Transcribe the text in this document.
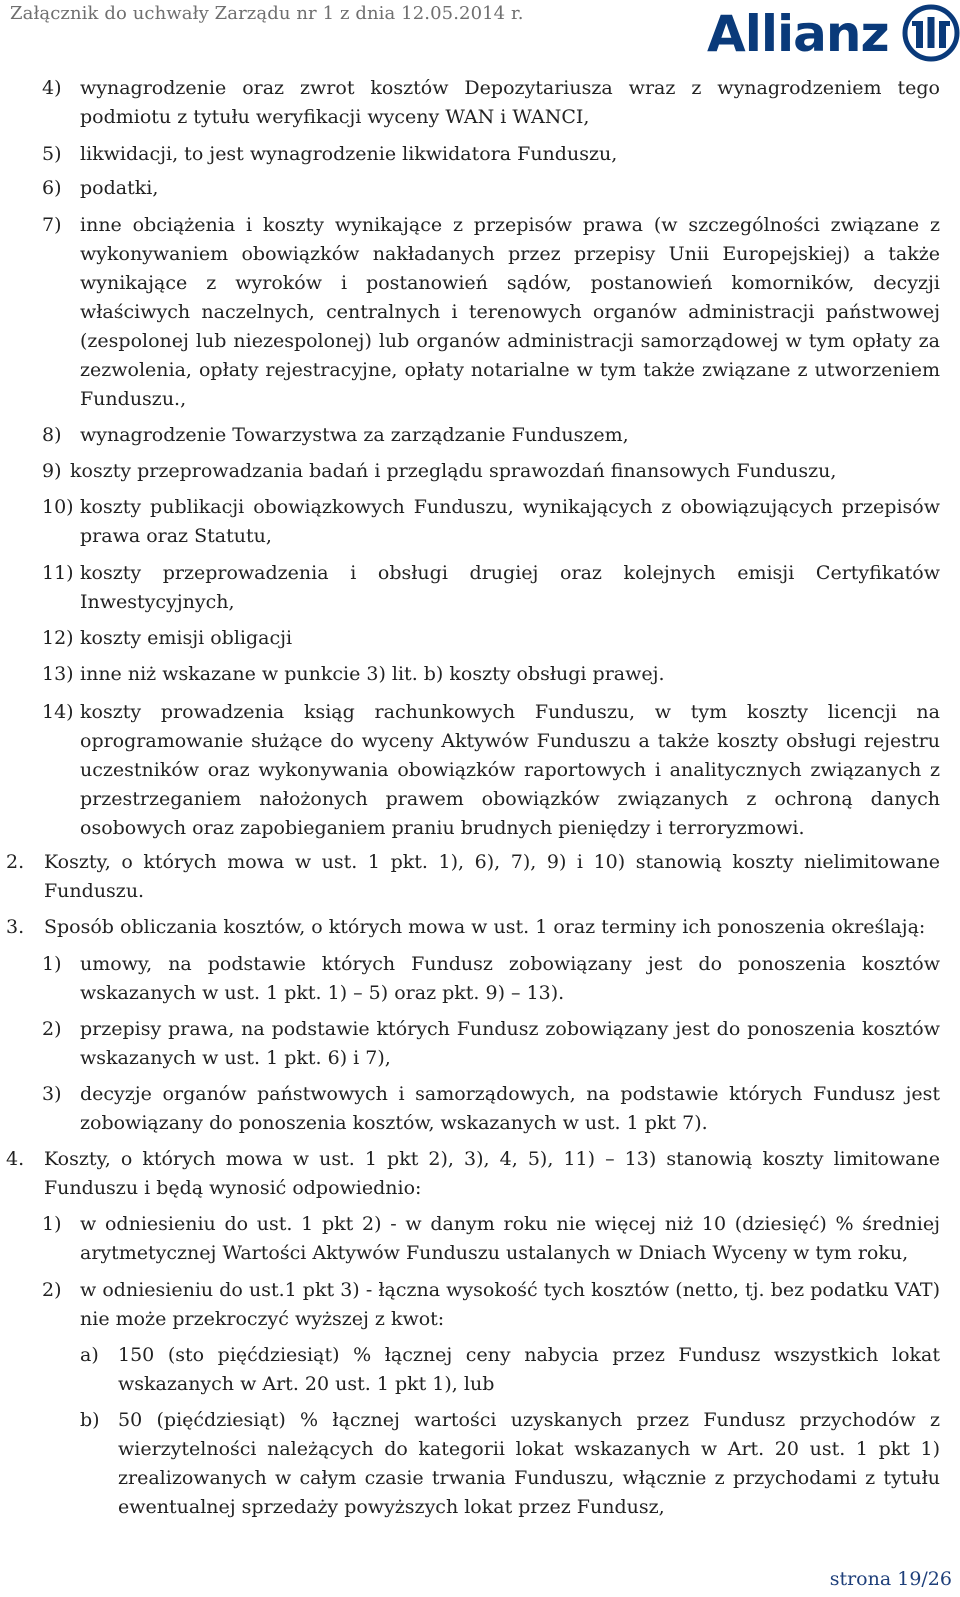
Załącznik do uchwały Zarządu nr 1 z dnia 12.05.2014 r.	Allianz
4) wynagrodzenie oraz zwrot kosztów Depozytariusza wraz z wynagrodzeniem tego podmiotu z tytułu weryfikacji wyceny WAN i WANCI,
5) likwidacji, to jest wynagrodzenie likwidatora Funduszu,
6) podatki,
7) inne obciążenia i koszty wynikające z przepisów prawa (w szczególności związane z wykonywaniem obowiązków nakładanych przez przepisy Unii Europejskiej) a także wynikające z wyroków i postanowień sądów, postanowień komorników, decyzji właściwych naczelnych, centralnych i terenowych organów administracji państwowej (zespolonej lub niezespolonej) lub organów administracji samorządowej w tym opłaty za zezwolenia, opłaty rejestracyjne, opłaty notarialne w tym także związane z utworzeniem Funduszu.,
8) wynagrodzenie Towarzystwa za zarządzanie Funduszem,
9) koszty przeprowadzania badań i przeglądu sprawozdań finansowych Funduszu,
10) koszty publikacji obowiązkowych Funduszu, wynikających z obowiązujących przepisów prawa oraz Statutu,
11) koszty przeprowadzenia i obsługi drugiej oraz kolejnych emisji Certyfikatów Inwestycyjnych,
12) koszty emisji obligacji
13) inne niż wskazane w punkcie 3) lit. b) koszty obsługi prawej.
14) koszty prowadzenia ksiąg rachunkowych Funduszu, w tym koszty licencji na oprogramowanie służące do wyceny Aktywów Funduszu a także koszty obsługi rejestru uczestników oraz wykonywania obowiązków raportowych i analitycznych związanych z przestrzeganiem nałożonych prawem obowiązków związanych z ochroną danych osobowych oraz zapobieganiem praniu brudnych pieniędzy i terroryzmowi.
2. Koszty, o których mowa w ust. 1 pkt. 1), 6), 7), 9) i 10) stanowią koszty nielimitowane Funduszu.
3. Sposób obliczania kosztów, o których mowa w ust. 1 oraz terminy ich ponoszenia określają:
1) umowy, na podstawie których Fundusz zobowiązany jest do ponoszenia kosztów wskazanych w ust. 1 pkt. 1) – 5) oraz pkt. 9) – 13).
2) przepisy prawa, na podstawie których Fundusz zobowiązany jest do ponoszenia kosztów wskazanych w ust. 1 pkt. 6) i 7),
3) decyzje organów państwowych i samorządowych, na podstawie których Fundusz jest zobowiązany do ponoszenia kosztów, wskazanych w ust. 1 pkt 7).
4. Koszty, o których mowa w ust. 1 pkt 2), 3), 4, 5), 11) – 13) stanowią koszty limitowane Funduszu i będą wynosić odpowiednio:
1) w odniesieniu do ust. 1 pkt 2) - w danym roku nie więcej niż 10 (dziesięć) % średniej arytmetycznej Wartości Aktywów Funduszu ustalanych w Dniach Wyceny w tym roku,
2) w odniesieniu do ust.1 pkt 3) - łączna wysokość tych kosztów (netto, tj. bez podatku VAT) nie może przekroczyć wyższej z kwot:
a) 150 (sto pięćdziesiąt) % łącznej ceny nabycia przez Fundusz wszystkich lokat wskazanych w Art. 20 ust. 1 pkt 1), lub
b) 50 (pięćdziesiąt) % łącznej wartości uzyskanych przez Fundusz przychodów z wierzytelności należących do kategorii lokat wskazanych w Art. 20 ust. 1 pkt 1) zrealizowanych w całym czasie trwania Funduszu, włącznie z przychodami z tytułu ewentualnej sprzedaży powyższych lokat przez Fundusz,
strona 19/26
